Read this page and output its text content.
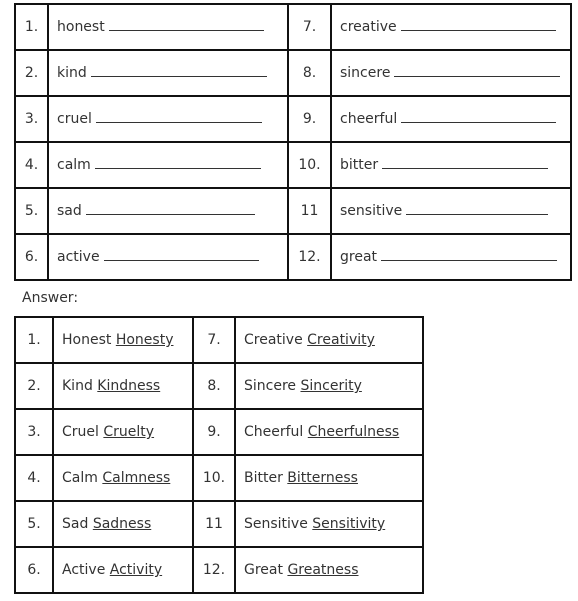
1.	honest	7.	creative
2.	kind	8.	sincere
3.	cruel	9.	cheerful
4.	calm	10.	bitter
5.	sad	11	sensitive
6.	active	12.	great
Answer:
1.	Honest Honesty	7.	Creative Creativity
2.	Kind Kindness	8.	Sincere Sincerity
3.	Cruel Cruelty	9.	Cheerful Cheerfulness
4.	Calm Calmness	10.	Bitter Bitterness
5.	Sad Sadness	11	Sensitive Sensitivity
6.	Active Activity	12.	Great Greatness
